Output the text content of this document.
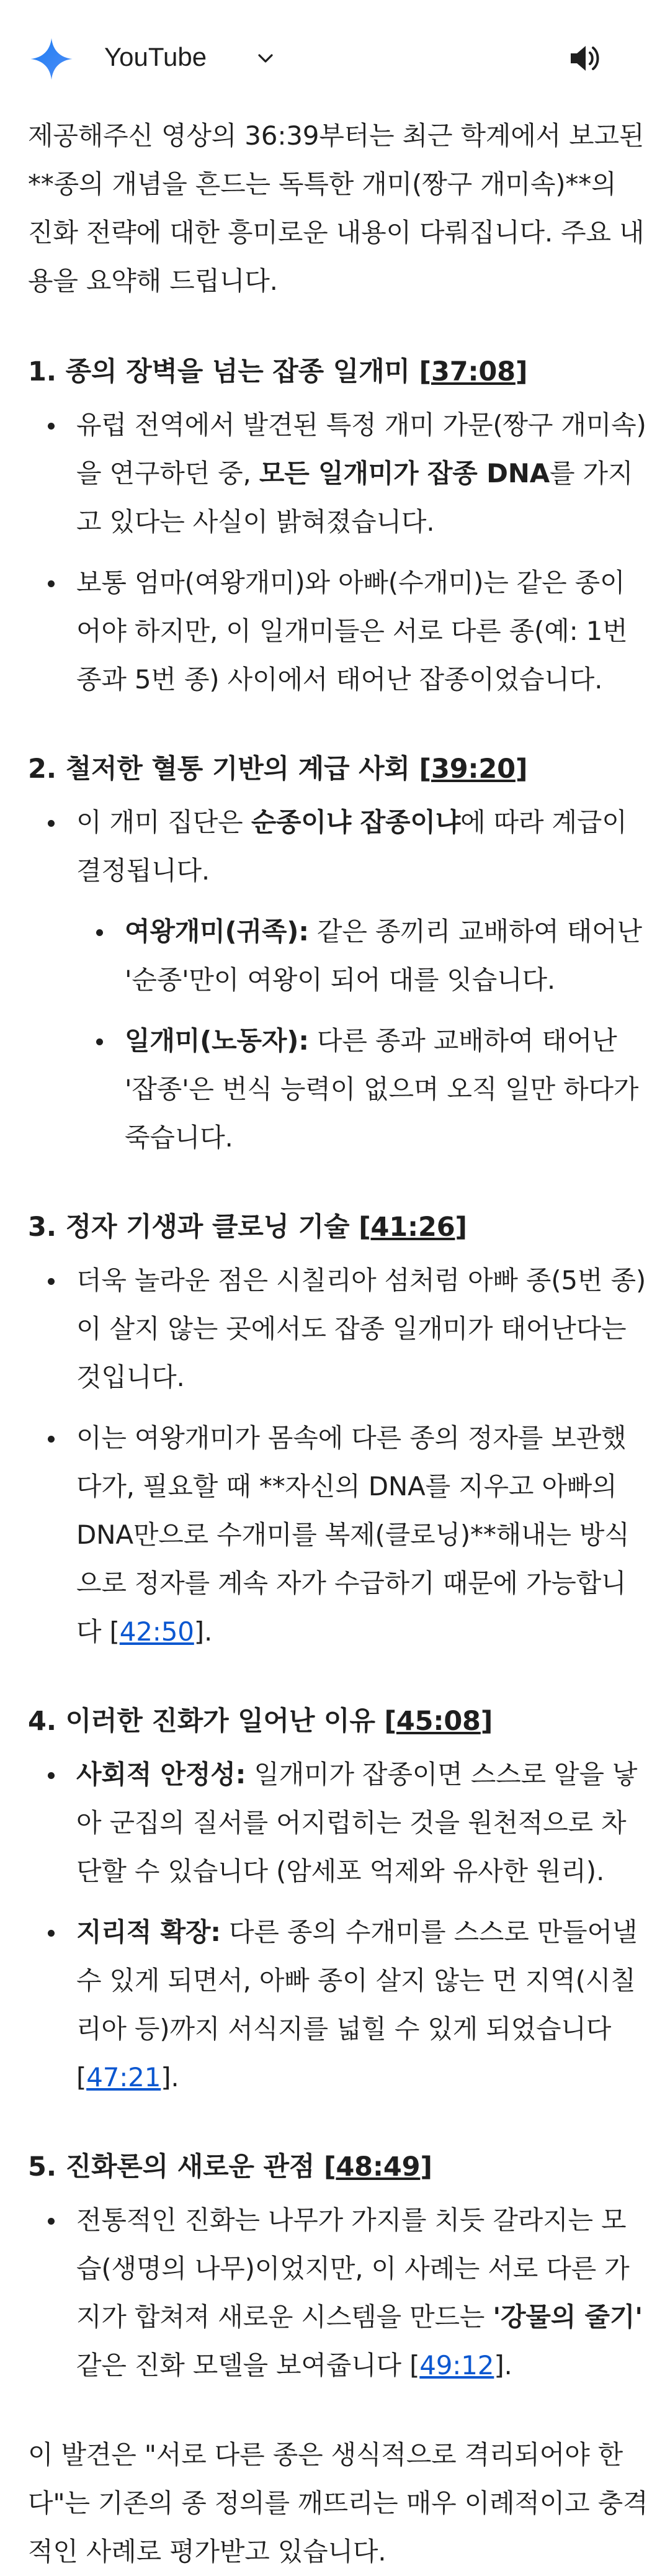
YouTube

제공해주신 영상의 36:39부터는 최근 학계에서 보고된 **종의 개념을 흔드는 독특한 개미(짱구 개미속)**의 진화 전략에 대한 흥미로운 내용이 다뤄집니다. 주요 내용을 요약해 드립니다.

1. 종의 장벽을 넘는 잡종 일개미 [37:08]
유럽 전역에서 발견된 특정 개미 가문(짱구 개미속)을 연구하던 중, 모든 일개미가 잡종 DNA를 가지고 있다는 사실이 밝혀졌습니다.
보통 엄마(여왕개미)와 아빠(수개미)는 같은 종이어야 하지만, 이 일개미들은 서로 다른 종(예: 1번 종과 5번 종) 사이에서 태어난 잡종이었습니다.
2. 철저한 혈통 기반의 계급 사회 [39:20]
이 개미 집단은 순종이냐 잡종이냐에 따라 계급이 결정됩니다.
여왕개미(귀족): 같은 종끼리 교배하여 태어난 '순종'만이 여왕이 되어 대를 잇습니다.
일개미(노동자): 다른 종과 교배하여 태어난 '잡종'은 번식 능력이 없으며 오직 일만 하다가 죽습니다.
3. 정자 기생과 클로닝 기술 [41:26]
더욱 놀라운 점은 시칠리아 섬처럼 아빠 종(5번 종)이 살지 않는 곳에서도 잡종 일개미가 태어난다는 것입니다.
이는 여왕개미가 몸속에 다른 종의 정자를 보관했다가, 필요할 때 **자신의 DNA를 지우고 아빠의 DNA만으로 수개미를 복제(클로닝)**해내는 방식으로 정자를 계속 자가 수급하기 때문에 가능합니다 [42:50].
4. 이러한 진화가 일어난 이유 [45:08]
사회적 안정성: 일개미가 잡종이면 스스로 알을 낳아 군집의 질서를 어지럽히는 것을 원천적으로 차단할 수 있습니다 (암세포 억제와 유사한 원리).
지리적 확장: 다른 종의 수개미를 스스로 만들어낼 수 있게 되면서, 아빠 종이 살지 않는 먼 지역(시칠리아 등)까지 서식지를 넓힐 수 있게 되었습니다 [47:21].
5. 진화론의 새로운 관점 [48:49]
전통적인 진화는 나무가 가지를 치듯 갈라지는 모습(생명의 나무)이었지만, 이 사례는 서로 다른 가지가 합쳐져 새로운 시스템을 만드는 '강물의 줄기' 같은 진화 모델을 보여줍니다 [49:12].

이 발견은 "서로 다른 종은 생식적으로 격리되어야 한다"는 기존의 종 정의를 깨뜨리는 매우 이례적이고 충격적인 사례로 평가받고 있습니다.
